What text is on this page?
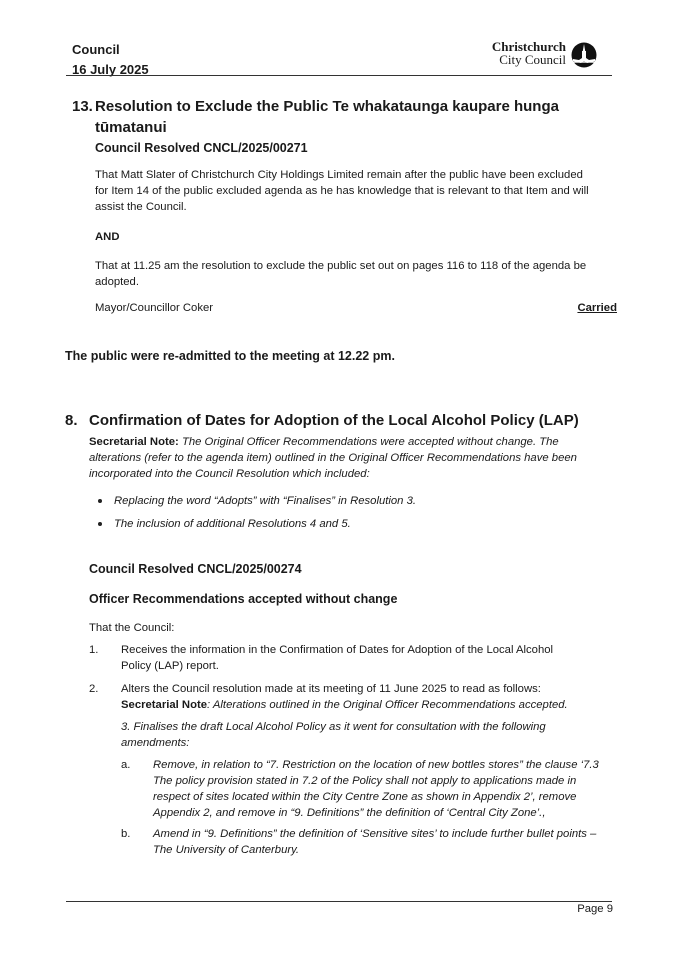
Council
16 July 2025
Christchurch
City Council
13. Resolution to Exclude the Public Te whakataunga kaupare hunga
tūmatanui
Council Resolved CNCL/2025/00271
That Matt Slater of Christchurch City Holdings Limited remain after the public have been excluded
for Item 14 of the public excluded agenda as he has knowledge that is relevant to that Item and will
assist the Council.
AND
That at 11.25 am the resolution to exclude the public set out on pages 116 to 118 of the agenda be
adopted.
Mayor/Councillor Coker	Carried
The public were re-admitted to the meeting at 12.22 pm.
8. Confirmation of Dates for Adoption of the Local Alcohol Policy (LAP)
Secretarial Note: The Original Officer Recommendations were accepted without change. The
alterations (refer to the agenda item) outlined in the Original Officer Recommendations have been
incorporated into the Council Resolution which included:
Replacing the word “Adopts” with “Finalises” in Resolution 3.
The inclusion of additional Resolutions 4 and 5.
Council Resolved CNCL/2025/00274
Officer Recommendations accepted without change
That the Council:
1. Receives the information in the Confirmation of Dates for Adoption of the Local Alcohol
Policy (LAP) report.
2. Alters the Council resolution made at its meeting of 11 June 2025 to read as follows:
Secretarial Note: Alterations outlined in the Original Officer Recommendations accepted.
3. Finalises the draft Local Alcohol Policy as it went for consultation with the following
amendments:
a. Remove, in relation to “7. Restriction on the location of new bottles stores” the clause ‘7.3
The policy provision stated in 7.2 of the Policy shall not apply to applications made in
respect of sites located within the City Centre Zone as shown in Appendix 2’, remove
Appendix 2, and remove in “9. Definitions” the definition of ‘Central City Zone’.,
b. Amend in “9. Definitions” the definition of ‘Sensitive sites’ to include further bullet points –
The University of Canterbury.
Page 9
